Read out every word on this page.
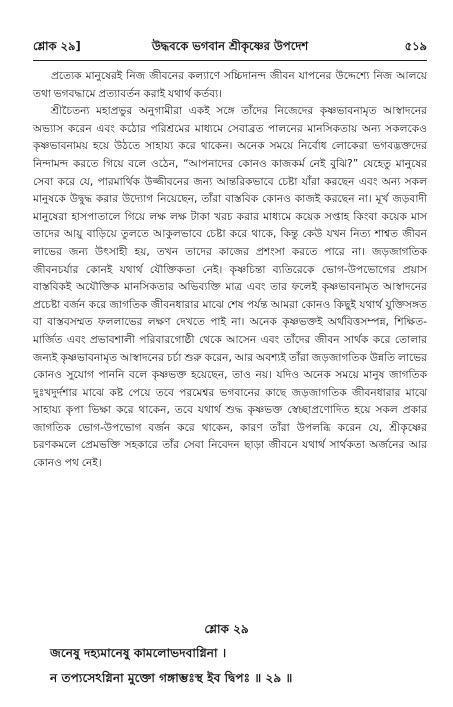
শ্লোক ২৯]	উদ্ধবকে ভগবান শ্রীকৃষ্ণের উপদেশ	৫১৯

প্রত্যেক মানুষেরই নিজ জীবনের কল্যাণে সচ্চিদানন্দ জীবন যাপনের উদ্দেশ্যে নিজ আলয়ে তথা ভগবদ্ধামে প্রত্যাবর্তন করাই যথার্থ কর্তব্য।

শ্রীচৈতন্য মহাপ্রভুর অনুগামীরা একই সঙ্গে তাঁদের নিজেদের কৃষ্ণভাবনামৃত আস্বাদনের অভ্যাস করেন এবং কঠোর পরিশ্রমের মাধ্যমে সেবাব্রত পালনের মানসিকতায় অন্য সকলকেও কৃষ্ণভাবনাময় হয়ে উঠতে সাহায্য করে থাকেন। অনেক সময়ে নির্বোধ লোকেরা ভগবদ্ভক্তদের নিন্দামন্দ করতে গিয়ে বলে ওঠেন, “আপনাদের কোনও কাজকর্ম নেই বুঝি?” যেহেতু মানুষের সেবা করে যে, পারমার্থিক উজ্জীবনের জন্য আন্তরিকভাবে চেষ্টা যাঁরা করছেন এবং অন্য সকল মানুষকে উদ্বুদ্ধ করার উদ্যোগ নিয়েছেন, তাঁরা বাস্তবিক কোনও কাজই করছেন না। মূর্খ জড়বাদী মানুষেরা হাসপাতালে গিয়ে লক্ষ লক্ষ টাকা খরচ করার মাধ্যমে কয়েক সপ্তাহ কিংবা কয়েক মাস তাদের আয়ু বাড়িয়ে তুলতে আকুলভাবে চেষ্টা করে থাকে, কিন্তু কেউ যখন নিত্য শাশ্বত জীবন লাভের জন্য উৎসাহী হয়, তখন তাদের কাজের প্রশংসা করতে পারে না। জড়জাগতিক জীবনচর্যার কোনই যথার্থ যৌক্তিকতা নেই। কৃষ্ণচিন্তা ব্যতিরেকে ভোগ-উপভোগের প্রয়াস বাস্তবিকই অযৌক্তিক মানসিকতার অভিব্যক্তি মাত্র এবং তার ফলেই কৃষ্ণভাবনামৃত আস্বাদনের প্রচেষ্টা বর্জন করে জাগতিক জীবনধারার মাঝে শেষ পর্যন্ত আমরা কোনও কিছুই যথার্থ যুক্তিসঙ্গত বা বাস্তবসম্মত ফললাভের লক্ষণ দেখতে পাই না। অনেক কৃষ্ণভক্তই অর্থবিত্তসম্পন্ন, শিক্ষিত-মার্জিত এবং প্রভাবশালী পরিবারগোষ্ঠী থেকে আসেন এবং তাঁদের জীবন সার্থক করে তোলার জন্যই কৃষ্ণভাবনামৃত আস্বাদনের চর্চা শুরু করেন, আর অবশ্যই তাঁরা জড়জাগতিক উন্নতি লাভের কোনও সুযোগ পাননি বলে কৃষ্ণভক্ত হয়েছেন, তাও নয়। যদিও অনেক সময়ে মানুষ জাগতিক দুঃখদুর্দশার মাঝে কষ্ট পেয়ে তবে পরমেশ্বর ভগবানের কাছে জড়জাগতিক জীবনধারার মাঝে সাহায্য কৃপা ভিক্ষা করে থাকেন, তবে যথার্থ শুদ্ধ কৃষ্ণভক্ত স্বেচ্ছাপ্রণোদিত হয়ে সকল প্রকার জাগতিক ভোগ-উপভোগ বর্জন করে থাকেন, কারণ তাঁরা উপলব্ধি করেন যে, শ্রীকৃষ্ণের চরণকমলে প্রেমভক্তি সহকারে তাঁর সেবা নিবেদন ছাড়া জীবনে যথার্থ সার্থকতা অর্জনের আর কোনও পথ নেই।

শ্লোক ২৯
জনেষু দহ্যমানেষু কামলোভদবাগ্নিনা ।
ন তপ্যসেঽগ্নিনা মুক্তো গঙ্গাম্ভঃস্থ ইব দ্বিপঃ ॥ ২৯ ॥
